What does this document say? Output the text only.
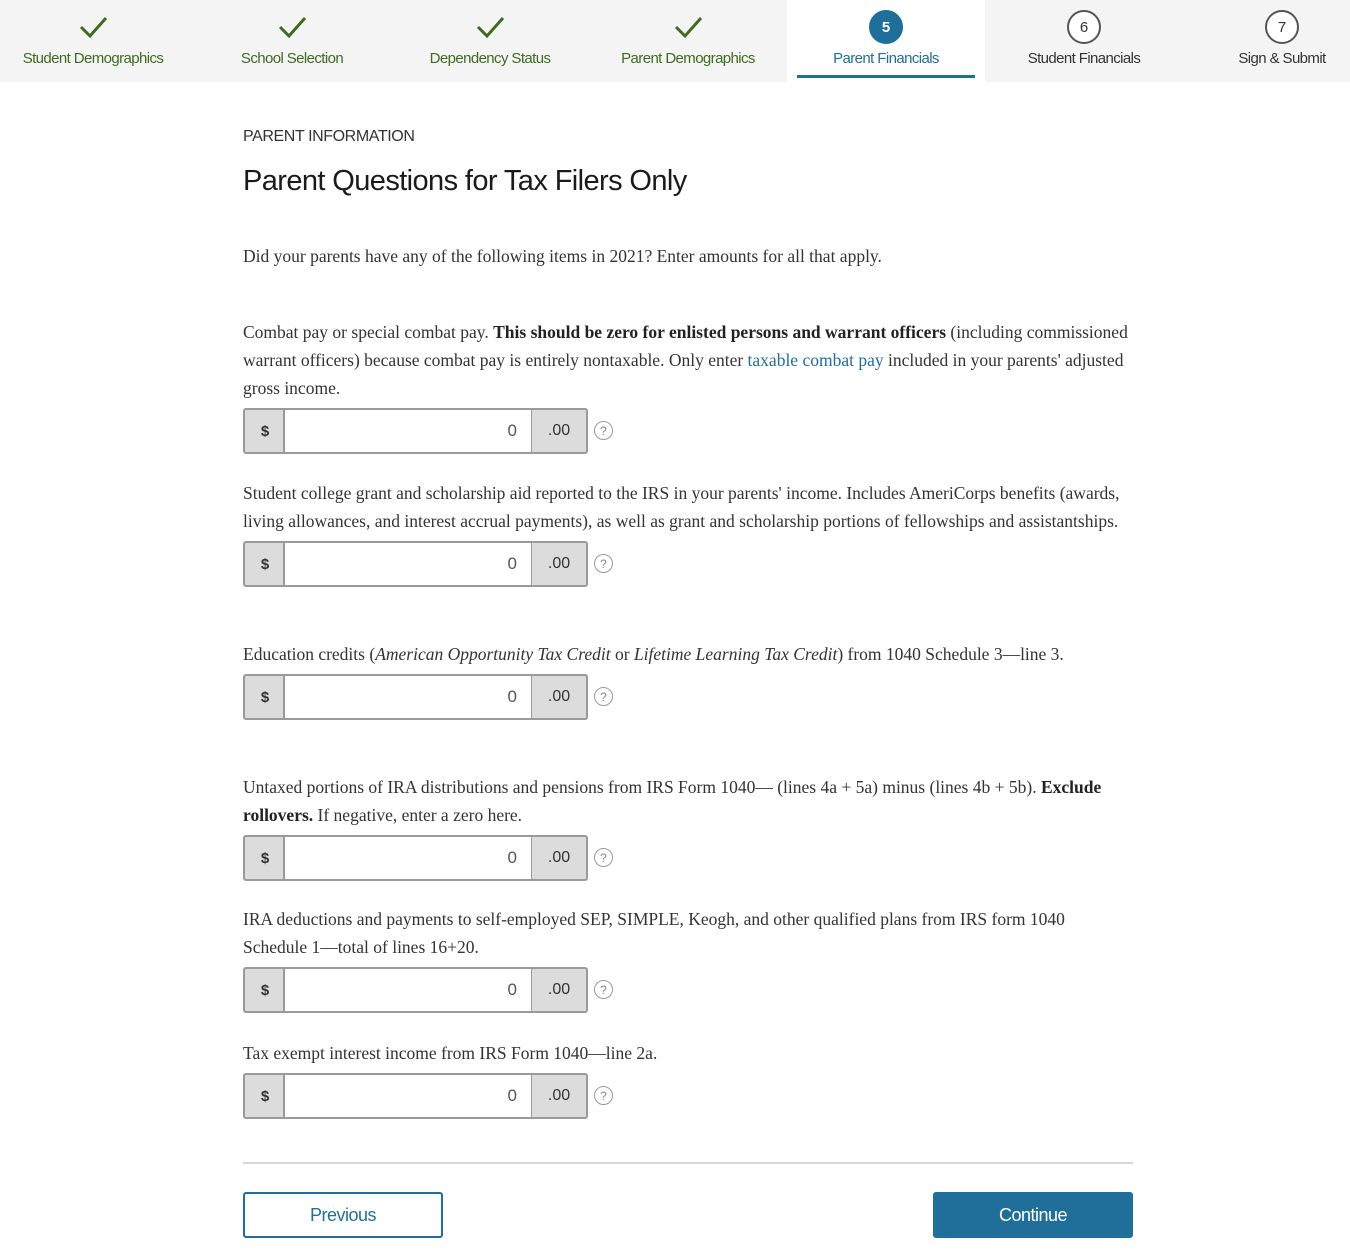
Student Demographics	School Selection	Dependency Status	Parent Demographics
5
Parent Financials
6
Student Financials
7
Sign & Submit
PARENT INFORMATION
Parent Questions for Tax Filers Only
Did your parents have any of the following items in 2021? Enter amounts for all that apply.
Combat pay or special combat pay. This should be zero for enlisted persons and warrant officers (including commissioned warrant officers) because combat pay is entirely nontaxable. Only enter taxable combat pay included in your parents' adjusted gross income.
$
0	.00	?
Student college grant and scholarship aid reported to the IRS in your parents' income. Includes AmeriCorps benefits (awards, living allowances, and interest accrual payments), as well as grant and scholarship portions of fellowships and assistantships.
$
0	.00	?
Education credits (American Opportunity Tax Credit or Lifetime Learning Tax Credit) from 1040 Schedule 3—line 3.
$
0	.00	?
Untaxed portions of IRA distributions and pensions from IRS Form 1040— (lines 4a + 5a) minus (lines 4b + 5b). Exclude rollovers. If negative, enter a zero here.
$
0	.00	?
IRA deductions and payments to self-employed SEP, SIMPLE, Keogh, and other qualified plans from IRS form 1040 Schedule 1—total of lines 16+20.
$
0	.00	?
Tax exempt interest income from IRS Form 1040—line 2a.
$
0	.00	?
Previous	Continue
